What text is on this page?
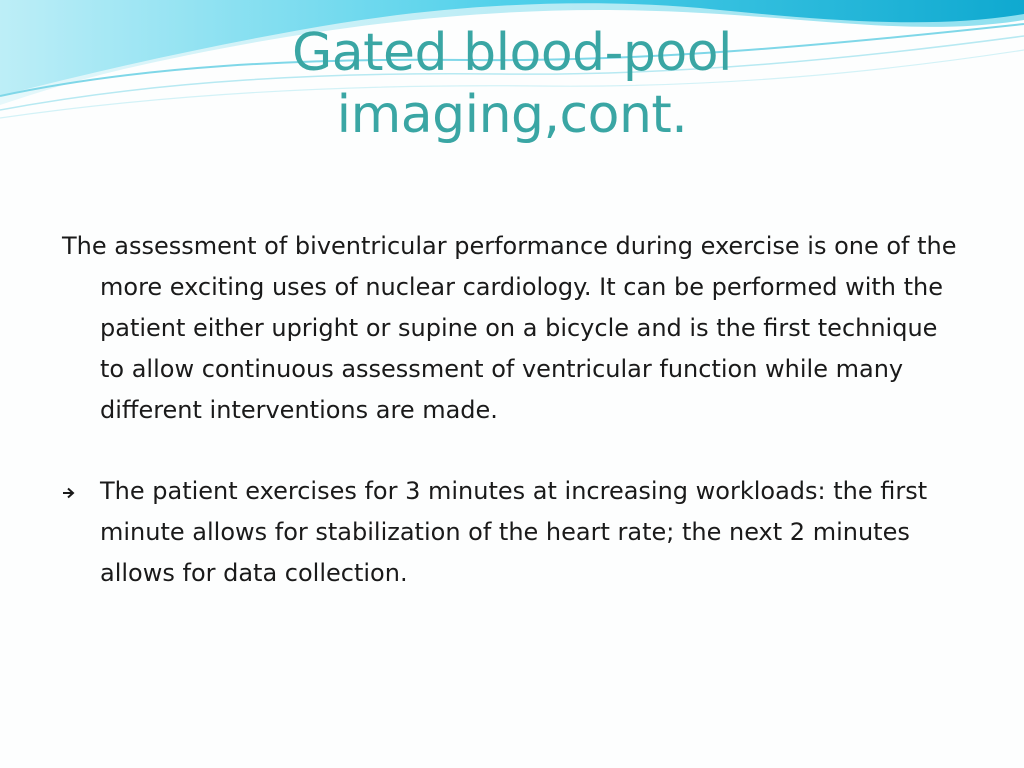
Gated blood-pool
imaging,cont.

The assessment of biventricular performance during exercise is one of the more exciting uses of nuclear cardiology. It can be performed with the patient either upright or supine on a bicycle and is the first technique to allow continuous assessment of ventricular function while many different interventions are made.

The patient exercises for 3 minutes at increasing workloads: the first minute allows for stabilization of the heart rate; the next 2 minutes allows for data collection.
